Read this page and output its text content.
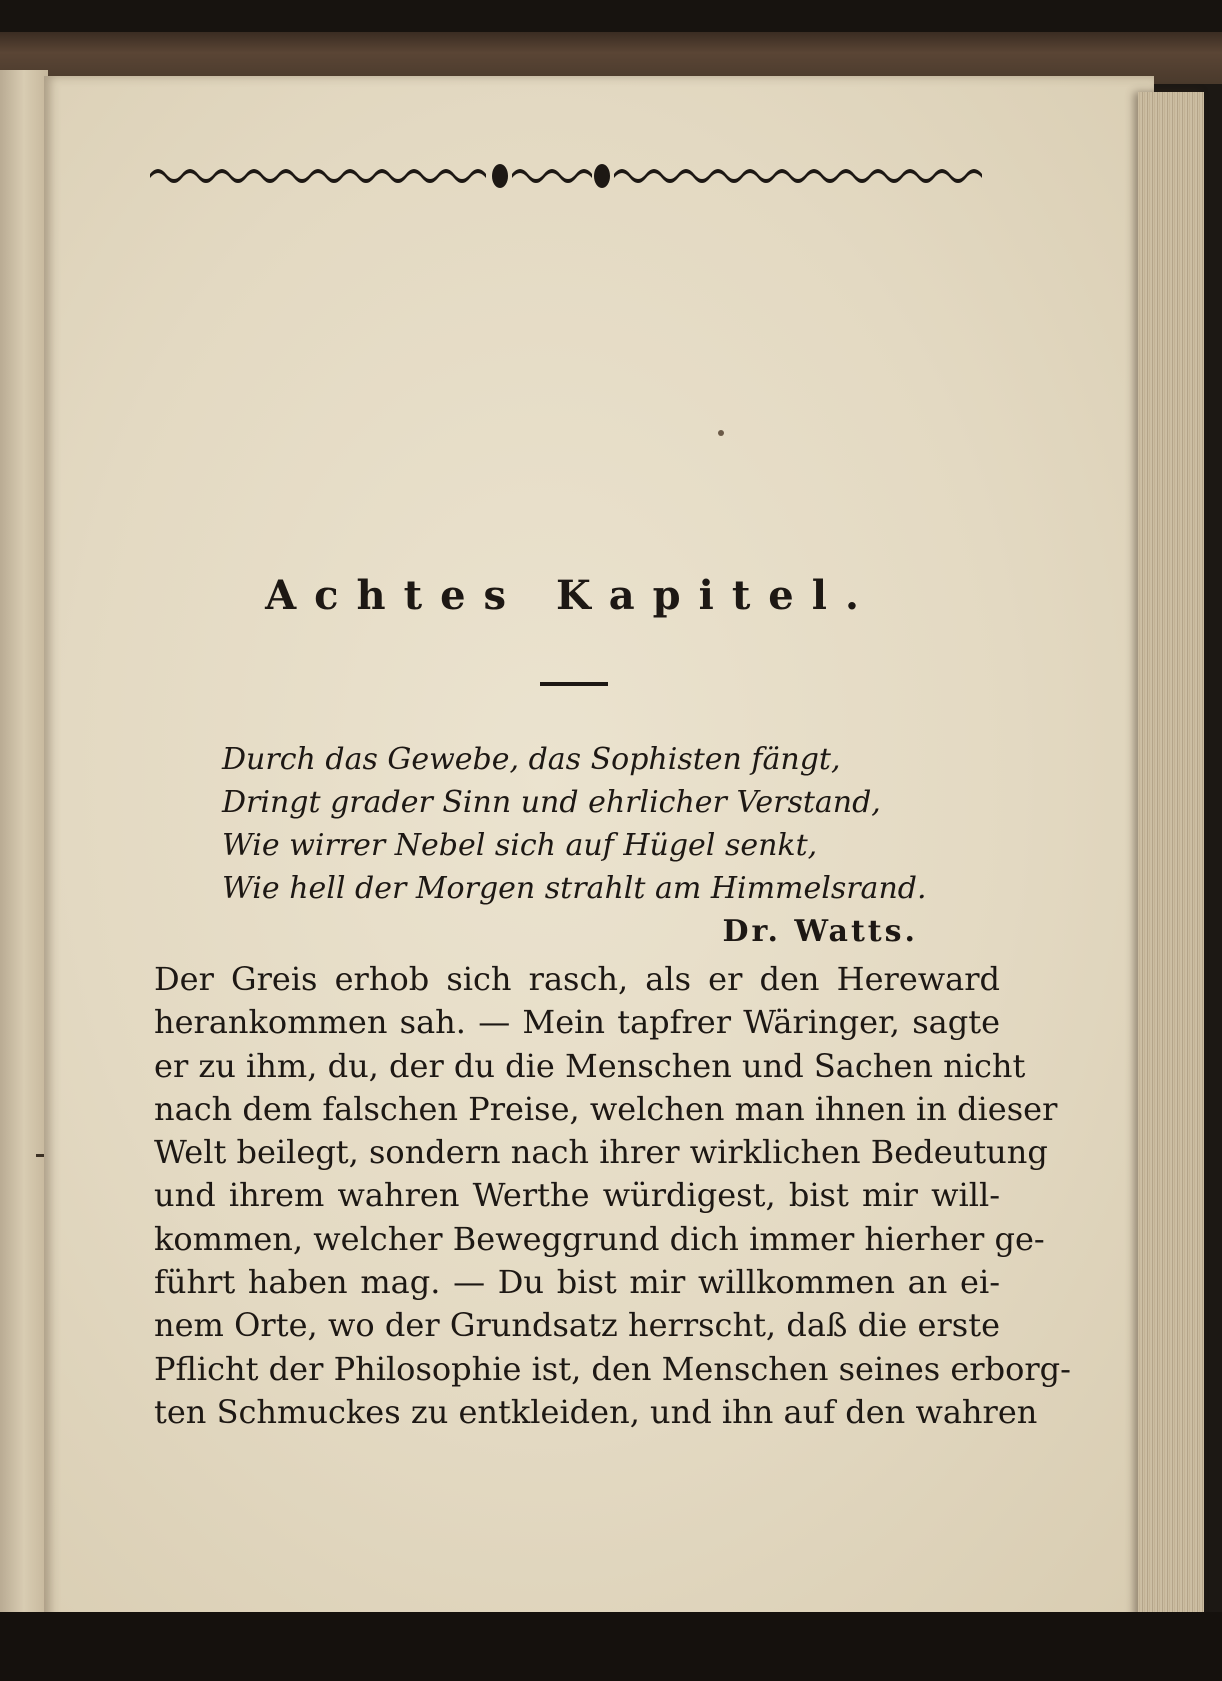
Achtes Kapitel.
Durch das Gewebe, das Sophisten fängt,
Dringt grader Sinn und ehrlicher Verstand,
Wie wirrer Nebel sich auf Hügel senkt,
Wie hell der Morgen strahlt am Himmelsrand.
Dr. Watts.
Der Greis erhob sich rasch, als er den Hereward
herankommen sah. — Mein tapfrer Wäringer, sagte
er zu ihm, du, der du die Menschen und Sachen nicht
nach dem falschen Preise, welchen man ihnen in dieser
Welt beilegt, sondern nach ihrer wirklichen Bedeutung
und ihrem wahren Werthe würdigest, bist mir will-
kommen, welcher Beweggrund dich immer hierher ge-
führt haben mag. — Du bist mir willkommen an ei-
nem Orte, wo der Grundsatz herrscht, daß die erste
Pflicht der Philosophie ist, den Menschen seines erborg-
ten Schmuckes zu entkleiden, und ihn auf den wahren
